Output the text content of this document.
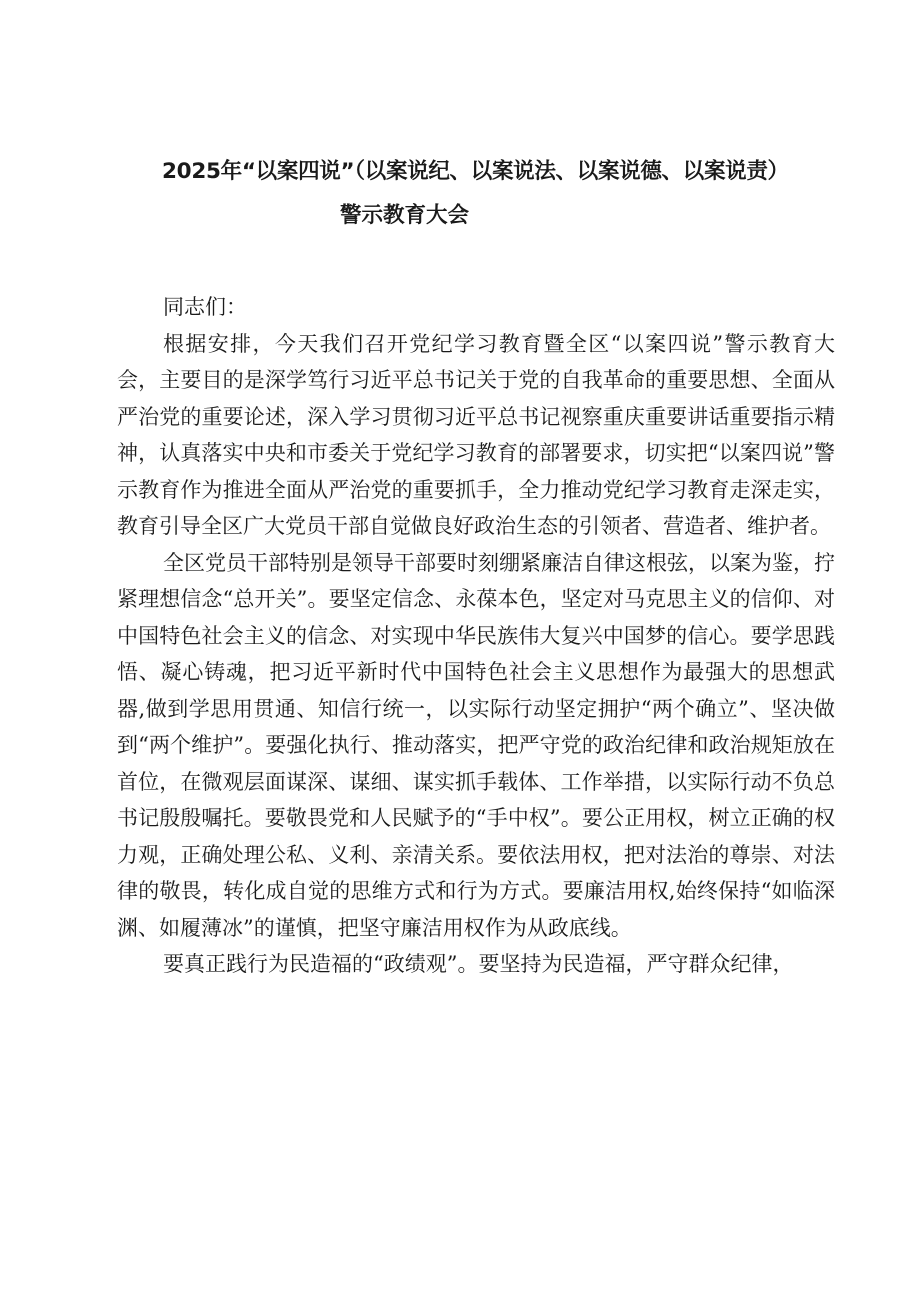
2025年“以案四说”（以案说纪、以案说法、以案说德、以案说责）
警示教育大会

同志们：

根据安排，今天我们召开党纪学习教育暨全区“以案四说”警示教育大会，主要目的是深学笃行习近平总书记关于党的自我革命的重要思想、全面从严治党的重要论述，深入学习贯彻习近平总书记视察重庆重要讲话重要指示精神，认真落实中央和市委关于党纪学习教育的部署要求，切实把“以案四说”警示教育作为推进全面从严治党的重要抓手，全力推动党纪学习教育走深走实，教育引导全区广大党员干部自觉做良好政治生态的引领者、营造者、维护者。

全区党员干部特别是领导干部要时刻绷紧廉洁自律这根弦，以案为鉴，拧紧理想信念“总开关”。要坚定信念、永葆本色，坚定对马克思主义的信仰、对中国特色社会主义的信念、对实现中华民族伟大复兴中国梦的信心。要学思践悟、凝心铸魂，把习近平新时代中国特色社会主义思想作为最强大的思想武器,做到学思用贯通、知信行统一，以实际行动坚定拥护“两个确立”、坚决做到“两个维护”。要强化执行、推动落实，把严守党的政治纪律和政治规矩放在首位，在微观层面谋深、谋细、谋实抓手载体、工作举措，以实际行动不负总书记殷殷嘱托。要敬畏党和人民赋予的“手中权”。要公正用权，树立正确的权力观，正确处理公私、义利、亲清关系。要依法用权，把对法治的尊崇、对法律的敬畏，转化成自觉的思维方式和行为方式。要廉洁用权,始终保持“如临深渊、如履薄冰”的谨慎，把坚守廉洁用权作为从政底线。

要真正践行为民造福的“政绩观”。要坚持为民造福，严守群众纪律，
